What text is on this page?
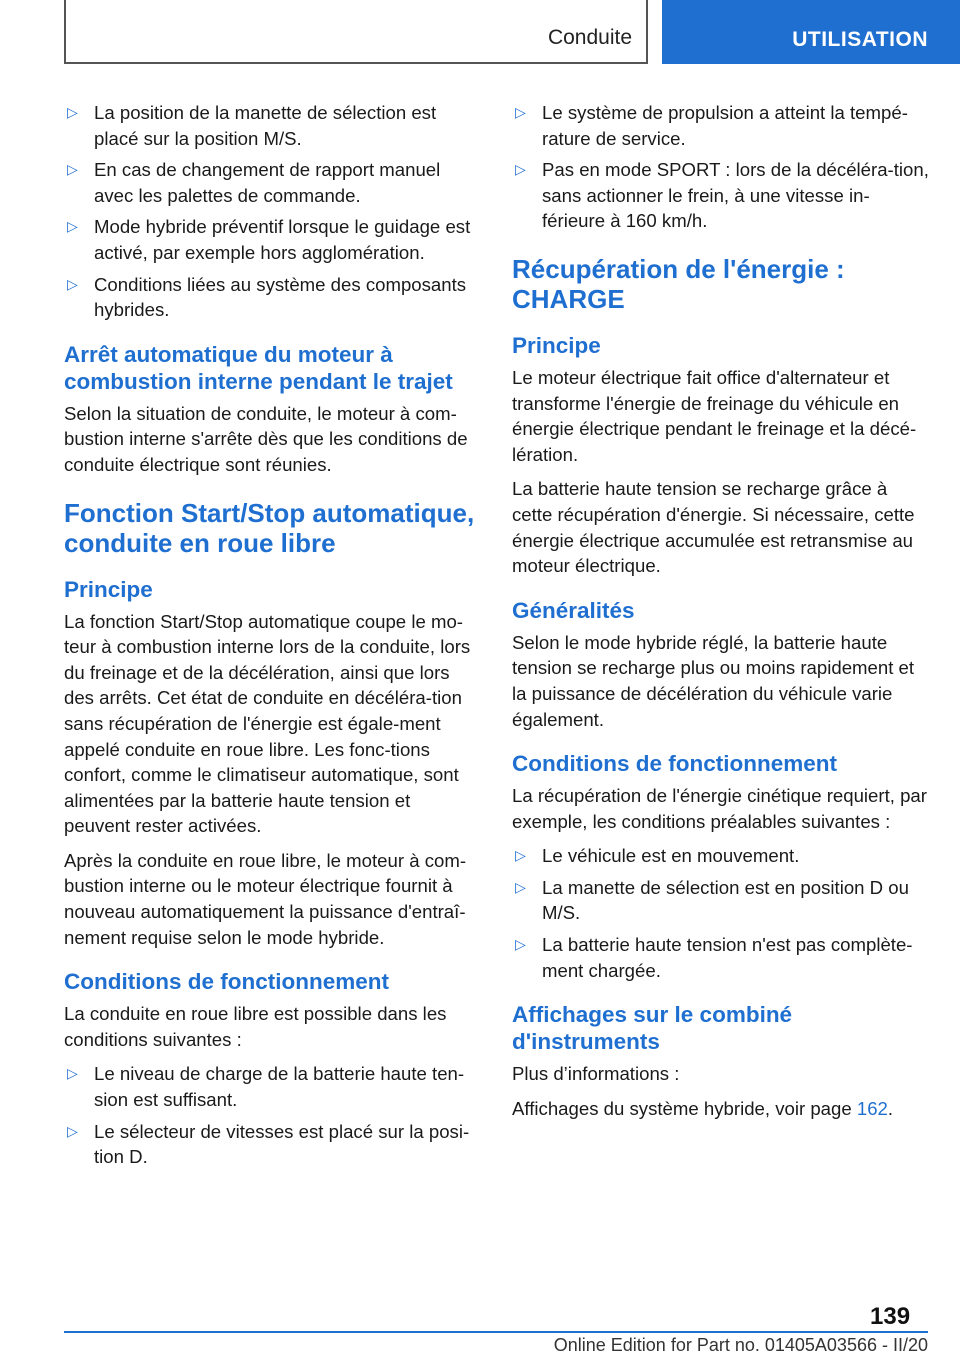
Conduite	UTILISATION
▷ La position de la manette de sélection est placé sur la position M/S.
▷ En cas de changement de rapport manuel avec les palettes de commande.
▷ Mode hybride préventif lorsque le guidage est activé, par exemple hors agglomération.
▷ Conditions liées au système des composants hybrides.
Arrêt automatique du moteur à combustion interne pendant le trajet

Selon la situation de conduite, le moteur à com‐bustion interne s'arrête dès que les conditions de conduite électrique sont réunies.

Fonction Start/Stop automatique, conduite en roue libre
Principe

La fonction Start/Stop automatique coupe le mo‐teur à combustion interne lors de la conduite, lors du freinage et de la décélération, ainsi que lors des arrêts. Cet état de conduite en décéléra‐tion sans récupération de l'énergie est égale‐ment appelé conduite en roue libre. Les fonc‐tions confort, comme le climatiseur automatique, sont alimentées par la batterie haute tension et peuvent rester activées.

Après la conduite en roue libre, le moteur à com‐bustion interne ou le moteur électrique fournit à nouveau automatiquement la puissance d'entraî‐nement requise selon le mode hybride.

Conditions de fonctionnement

La conduite en roue libre est possible dans les conditions suivantes :

▷ Le niveau de charge de la batterie haute ten‐sion est suffisant.
▷ Le sélecteur de vitesses est placé sur la posi‐tion D.
▷ Le système de propulsion a atteint la tempé‐rature de service.
▷ Pas en mode SPORT : lors de la décéléra‐tion, sans actionner le frein, à une vitesse in‐férieure à 160 km/h.
Récupération de l'énergie : CHARGE
Principe

Le moteur électrique fait office d'alternateur et transforme l'énergie de freinage du véhicule en énergie électrique pendant le freinage et la décé‐lération.

La batterie haute tension se recharge grâce à cette récupération d'énergie. Si nécessaire, cette énergie électrique accumulée est retransmise au moteur électrique.

Généralités

Selon le mode hybride réglé, la batterie haute tension se recharge plus ou moins rapidement et la puissance de décélération du véhicule varie également.

Conditions de fonctionnement

La récupération de l'énergie cinétique requiert, par exemple, les conditions préalables suivantes :

▷ Le véhicule est en mouvement.
▷ La manette de sélection est en position D ou M/S.
▷ La batterie haute tension n'est pas complète‐ment chargée.
Affichages sur le combiné d'instruments

Plus d’informations :

Affichages du système hybride, voir page 162.

139
Online Edition for Part no. 01405A03566 - II/20
